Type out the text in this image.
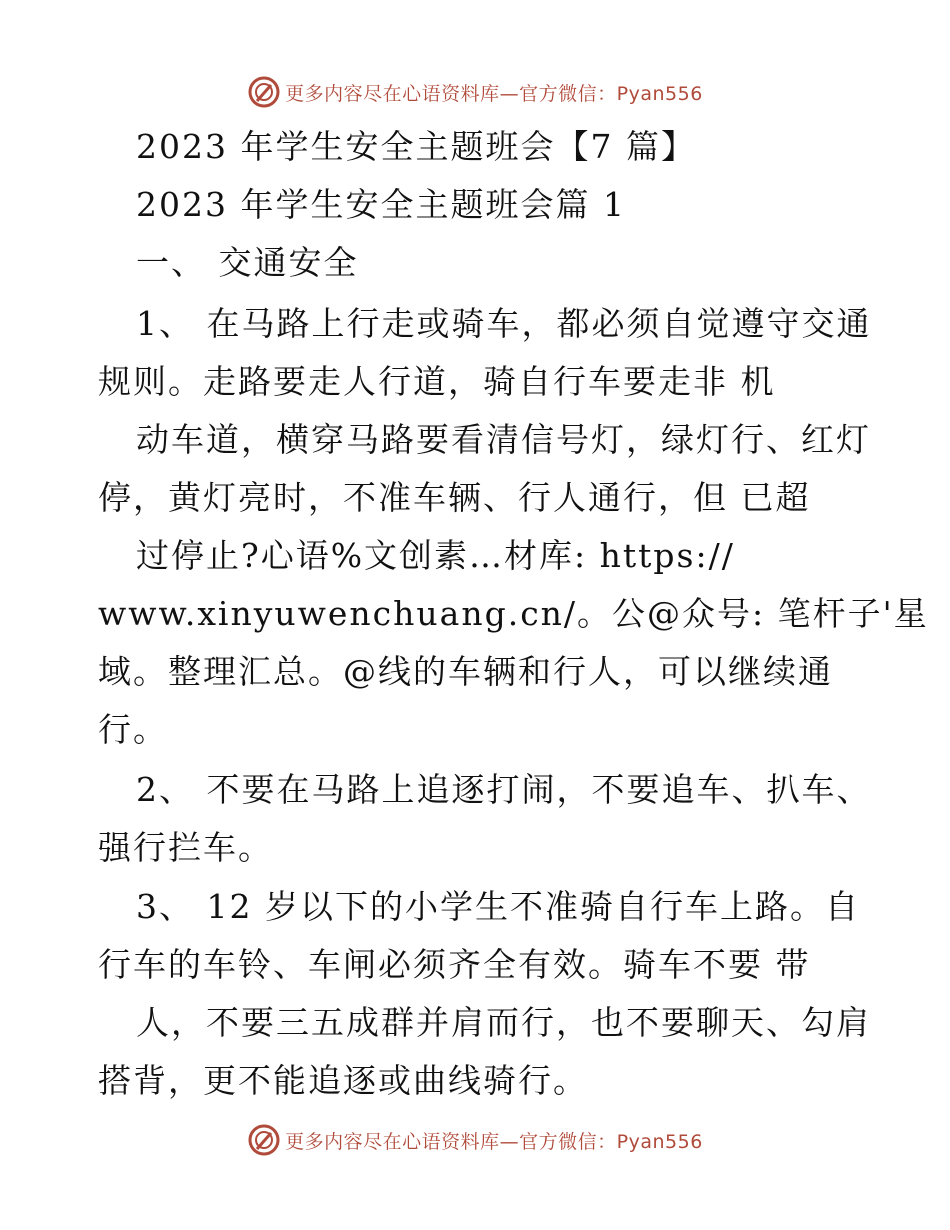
更多内容尽在心语资料库—官方微信：Pyan556
2023 年学生安全主题班会【7 篇】
2023 年学生安全主题班会篇 1
一、 交通安全
1、 在马路上行走或骑车，都必须自觉遵守交通
规则。走路要走人行道，骑自行车要走非 机
动车道，横穿马路要看清信号灯，绿灯行、红灯
停，黄灯亮时，不准车辆、行人通行，但 已超
过停止?心语%文创素…材库: https://
www.xinyuwenchuang.cn/。公@众号: 笔杆子'星
域。整理汇总。@线的车辆和行人，可以继续通
行。
2、 不要在马路上追逐打闹，不要追车、扒车、
强行拦车。
3、 12 岁以下的小学生不准骑自行车上路。自
行车的车铃、车闸必须齐全有效。骑车不要 带
人，不要三五成群并肩而行，也不要聊天、勾肩
搭背，更不能追逐或曲线骑行。
更多内容尽在心语资料库—官方微信：Pyan556
